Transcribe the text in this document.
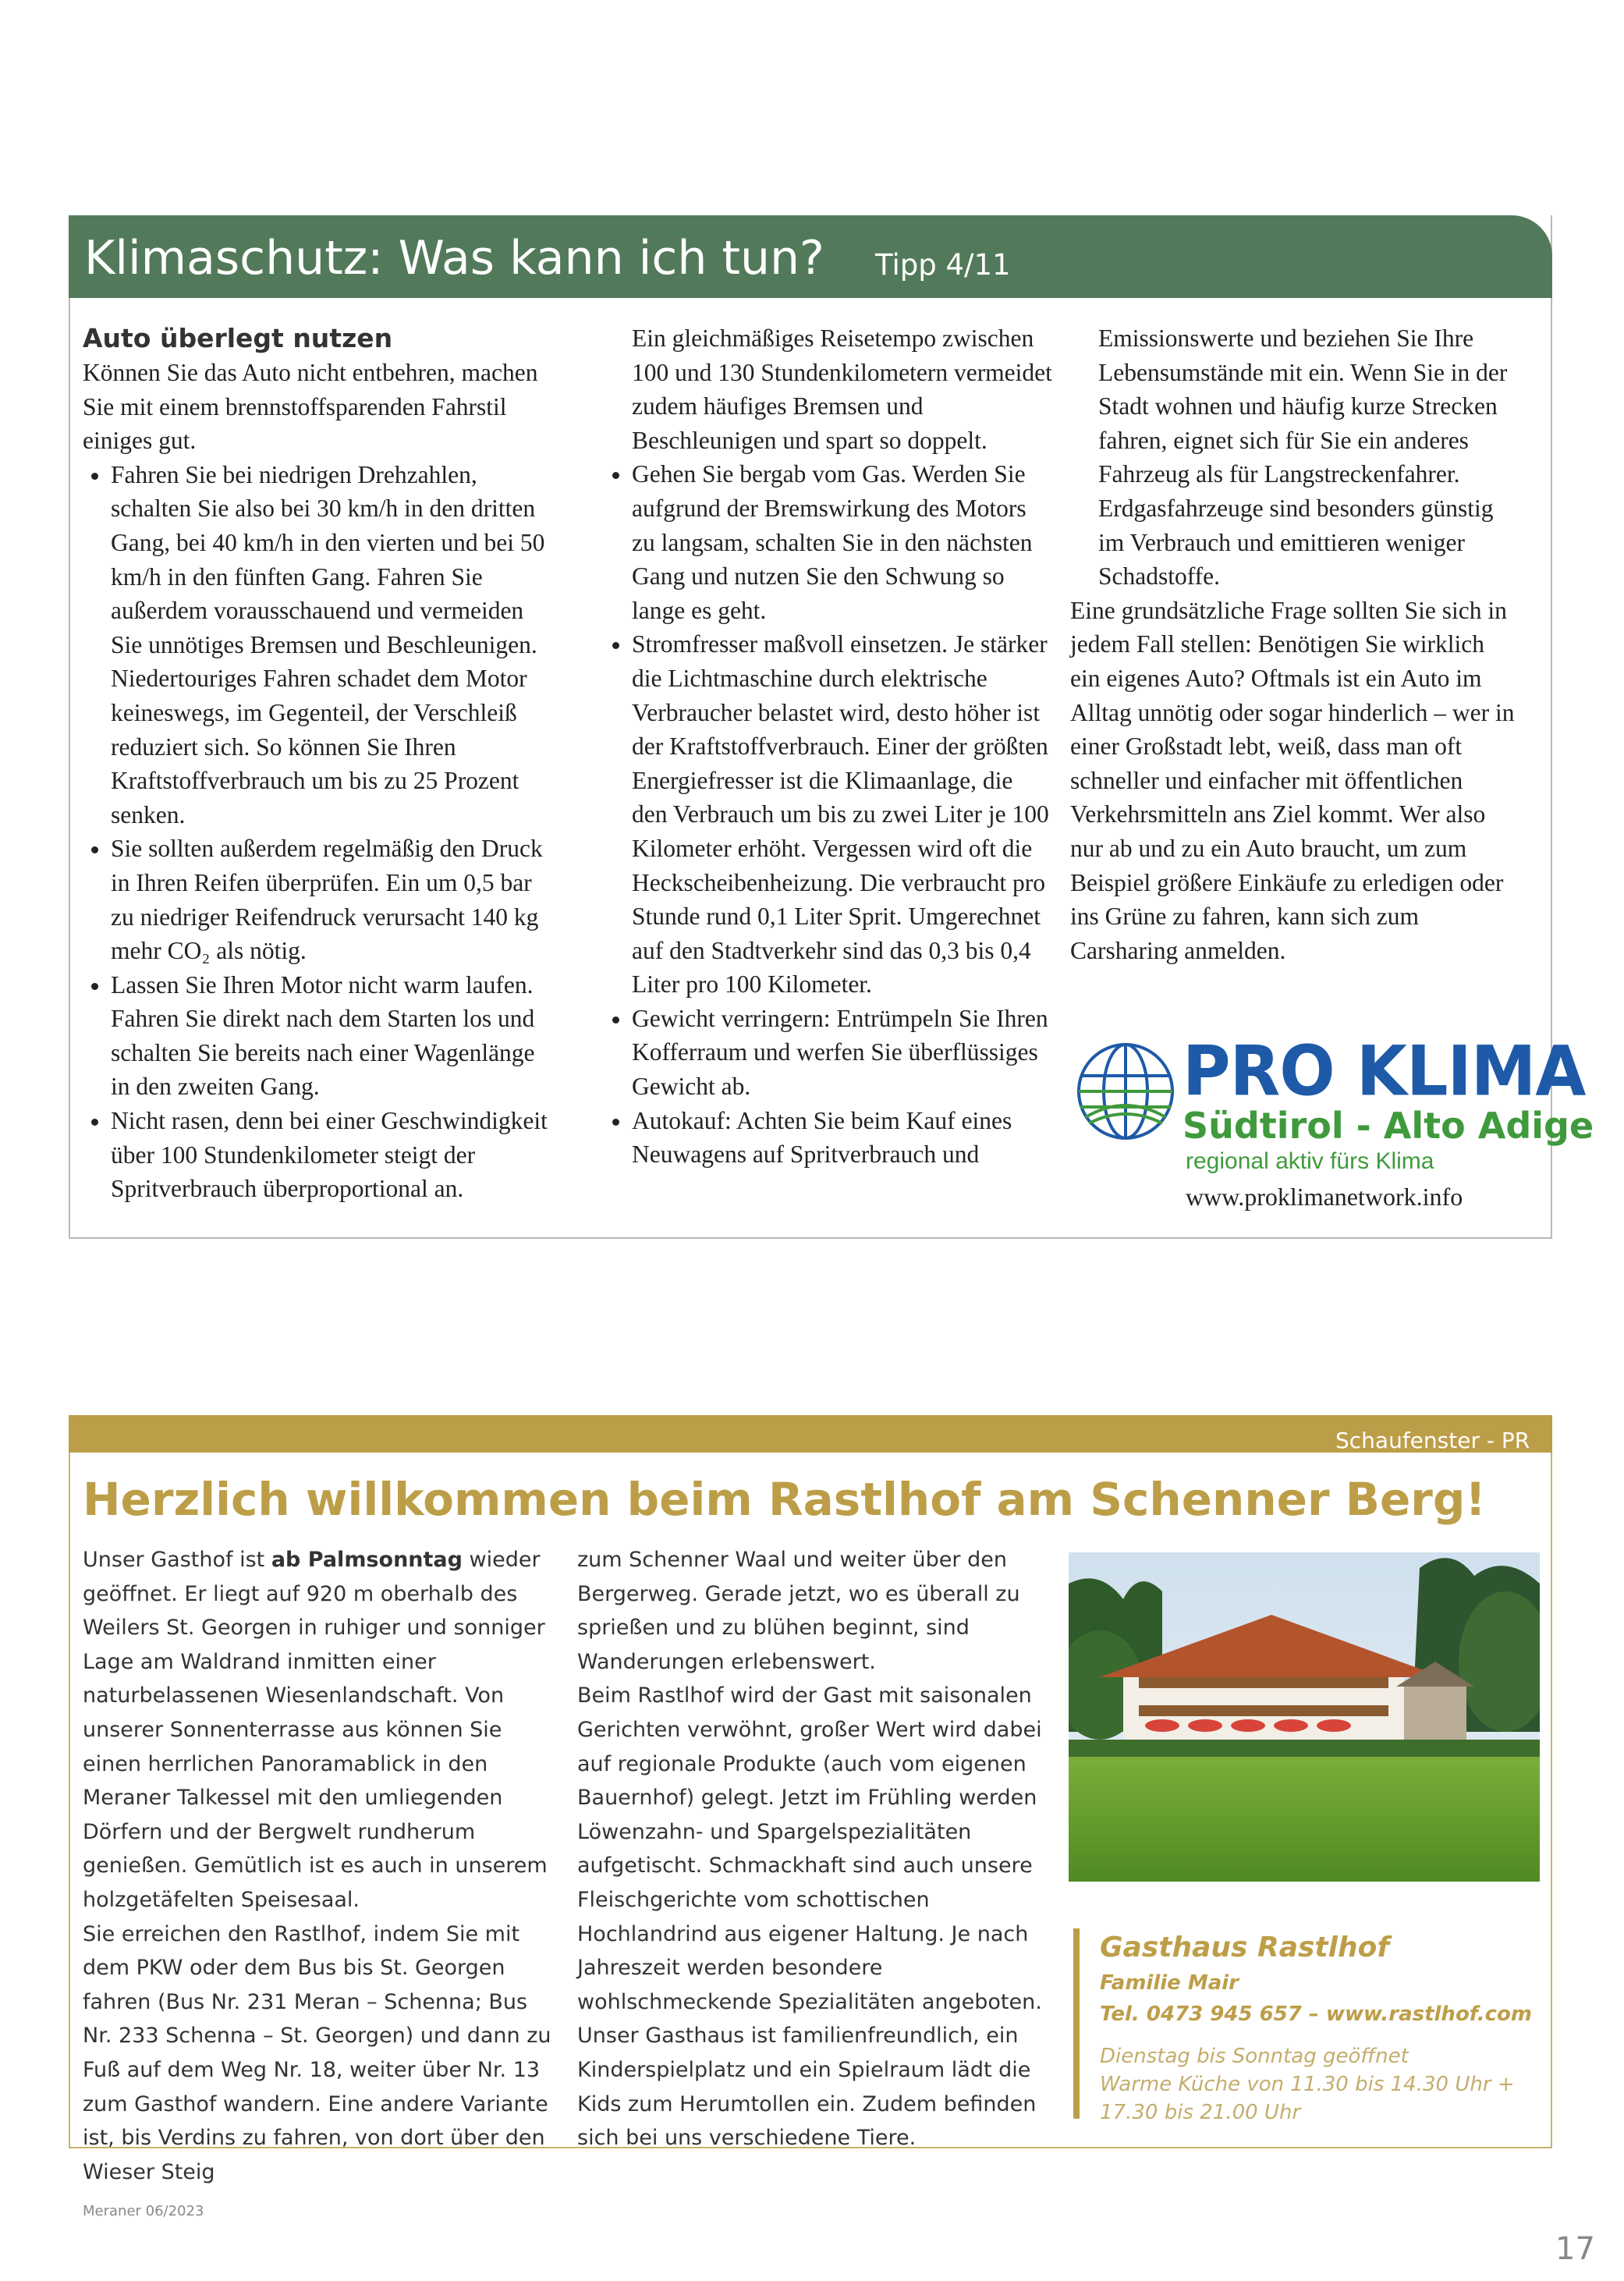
Klimaschutz: Was kann ich tun? Tipp 4/11
Auto überlegt nutzen

Können Sie das Auto nicht entbehren, machen Sie mit einem brennstoffsparenden Fahrstil einiges gut.

• Fahren Sie bei niedrigen Drehzahlen, schalten Sie also bei 30 km/h in den dritten Gang, bei 40 km/h in den vierten und bei 50 km/h in den fünften Gang. Fahren Sie außerdem vorausschauend und vermeiden Sie unnötiges Bremsen und Beschleunigen. Niedertouriges Fahren schadet dem Motor keineswegs, im Gegenteil, der Verschleiß reduziert sich. So können Sie Ihren Kraftstoffverbrauch um bis zu 25 Prozent senken.
• Sie sollten außerdem regelmäßig den Druck in Ihren Reifen überprüfen. Ein um 0,5 bar zu niedriger Reifendruck verursacht 140 kg mehr CO₂ als nötig.
• Lassen Sie Ihren Motor nicht warm laufen. Fahren Sie direkt nach dem Starten los und schalten Sie bereits nach einer Wagenlänge in den zweiten Gang.
• Nicht rasen, denn bei einer Geschwindigkeit über 100 Stundenkilometer steigt der Spritverbrauch überproportional an.

Ein gleichmäßiges Reisetempo zwischen 100 und 130 Stundenkilometern vermeidet zudem häufiges Bremsen und Beschleunigen und spart so doppelt.

• Gehen Sie bergab vom Gas. Werden Sie aufgrund der Bremswirkung des Motors zu langsam, schalten Sie in den nächsten Gang und nutzen Sie den Schwung so lange es geht.
• Stromfresser maßvoll einsetzen. Je stärker die Lichtmaschine durch elektrische Verbraucher belastet wird, desto höher ist der Kraftstoffverbrauch. Einer der größten Energiefresser ist die Klimaanlage, die den Verbrauch um bis zu zwei Liter je 100 Kilometer erhöht. Vergessen wird oft die Heckscheibenheizung. Die verbraucht pro Stunde rund 0,1 Liter Sprit. Umgerechnet auf den Stadtverkehr sind das 0,3 bis 0,4 Liter pro 100 Kilometer.
• Gewicht verringern: Entrümpeln Sie Ihren Kofferraum und werfen Sie überflüssiges Gewicht ab.
• Autokauf: Achten Sie beim Kauf eines Neuwagens auf Spritverbrauch und

Emissionswerte und beziehen Sie Ihre Lebensumstände mit ein. Wenn Sie in der Stadt wohnen und häufig kurze Strecken fahren, eignet sich für Sie ein anderes Fahrzeug als für Langstreckenfahrer. Erdgasfahrzeuge sind besonders günstig im Verbrauch und emittieren weniger Schadstoffe.

Eine grundsätzliche Frage sollten Sie sich in jedem Fall stellen: Benötigen Sie wirklich ein eigenes Auto? Oftmals ist ein Auto im Alltag unnötig oder sogar hinderlich – wer in einer Großstadt lebt, weiß, dass man oft schneller und einfacher mit öffentlichen Verkehrsmitteln ans Ziel kommt. Wer also nur ab und zu ein Auto braucht, um zum Beispiel größere Einkäufe zu erledigen oder ins Grüne zu fahren, kann sich zum Carsharing anmelden.

PRO KLIMA
Südtirol - Alto Adige
regional aktiv fürs Klima
www.proklimanetwork.info
Schaufenster - PR
Herzlich willkommen beim Rastlhof am Schenner Berg!

Unser Gasthof ist ab Palmsonntag wieder geöffnet. Er liegt auf 920 m oberhalb des Weilers St. Georgen in ruhiger und sonniger Lage am Waldrand inmitten einer naturbelassenen Wiesenlandschaft. Von unserer Sonnenterrasse aus können Sie einen herrlichen Panoramablick in den Meraner Talkessel mit den umliegenden Dörfern und der Bergwelt rundherum genießen. Gemütlich ist es auch in unserem holzgetäfelten Speisesaal.

Sie erreichen den Rastlhof, indem Sie mit dem PKW oder dem Bus bis St. Georgen fahren (Bus Nr. 231 Meran – Schenna; Bus Nr. 233 Schenna – St. Georgen) und dann zu Fuß auf dem Weg Nr. 18, weiter über Nr. 13 zum Gasthof wandern. Eine andere Variante ist, bis Verdins zu fahren, von dort über den Wieser Steig

zum Schenner Waal und weiter über den Bergerweg. Gerade jetzt, wo es überall zu sprießen und zu blühen beginnt, sind Wanderungen erlebenswert.

Beim Rastlhof wird der Gast mit saisonalen Gerichten verwöhnt, großer Wert wird dabei auf regionale Produkte (auch vom eigenen Bauernhof) gelegt. Jetzt im Frühling werden Löwenzahn- und Spargelspezialitäten aufgetischt. Schmackhaft sind auch unsere Fleischgerichte vom schottischen Hochlandrind aus eigener Haltung. Je nach Jahreszeit werden besondere wohlschmeckende Spezialitäten angeboten. Unser Gasthaus ist familienfreundlich, ein Kinderspielplatz und ein Spielraum lädt die Kids zum Herumtollen ein. Zudem befinden sich bei uns verschiedene Tiere.

Gasthaus Rastlhof
Familie Mair
Tel. 0473 945 657 – www.rastlhof.com
Dienstag bis Sonntag geöffnet
Warme Küche von 11.30 bis 14.30 Uhr + 17.30 bis 21.00 Uhr
Meraner 06/2023
17
